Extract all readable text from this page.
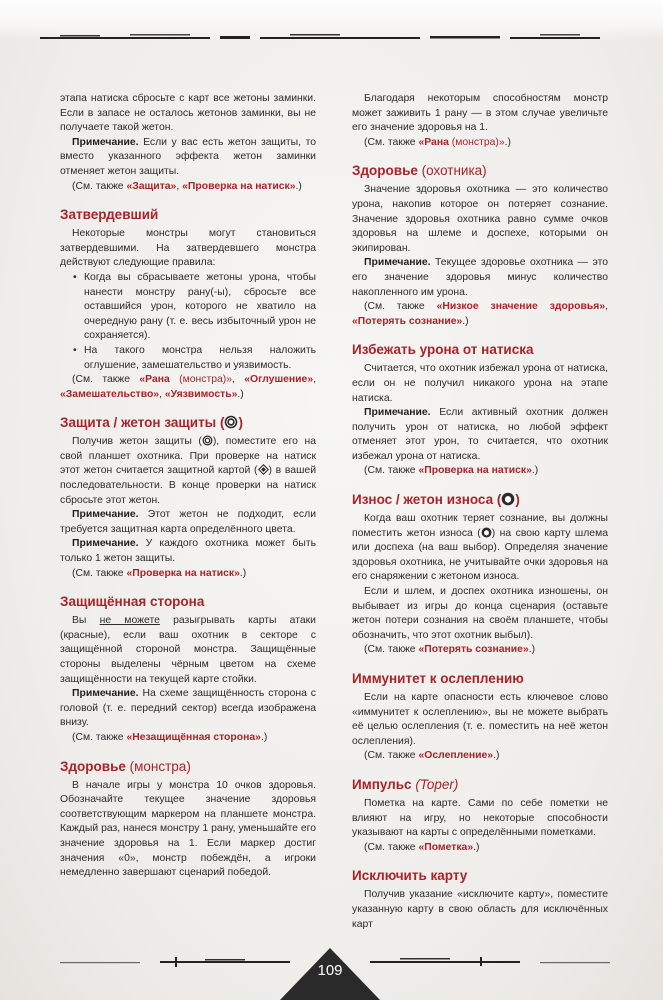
этапа натиска сбросьте с карт все жетоны заминки. Если в запасе не осталось жетонов заминки, вы не получаете такой жетон.

Примечание. Если у вас есть жетон защиты, то вместо указанного эффекта жетон заминки отменяет жетон защиты.

(См. также «Защита», «Проверка на натиск».)

Затвердевший

Некоторые монстры могут становиться затвердевшими. На затвердевшего монстра действуют следующие правила:

• Когда вы сбрасываете жетоны урона, чтобы нанести монстру рану(-ы), сбросьте все оставшийся урон, которого не хватило на очередную рану (т. е. весь избыточный урон не сохраняется).
• На такого монстра нельзя наложить оглушение, замешательство и уязвимость.

(См. также «Рана (монстра)», «Оглушение», «Замешательство», «Уязвимость».)

Защита / жетон защиты ( )

Получив жетон защиты ( ), поместите его на свой планшет охотника. При проверке на натиск этот жетон считается защитной картой ( ) в вашей последовательности. В конце проверки на натиск сбросьте этот жетон.

Примечание. Этот жетон не подходит, если требуется защитная карта определённого цвета.

Примечание. У каждого охотника может быть только 1 жетон защиты.

(См. также «Проверка на натиск».)

Защищённая сторона

Вы не можете разыгрывать карты атаки (красные), если ваш охотник в секторе с защищённой стороной монстра. Защищённые стороны выделены чёрным цветом на схеме защищённости на текущей карте стойки.

Примечание. На схеме защищённость сторона с головой (т. е. передний сектор) всегда изображена внизу.

(См. также «Незащищённая сторона».)

Здоровье (монстра)

В начале игры у монстра 10 очков здоровья. Обозначайте текущее значение здоровья соответствующим маркером на планшете монстра. Каждый раз, нанеся монстру 1 рану, уменьшайте его значение здоровья на 1. Если маркер достиг значения «0», монстр побеждён, а игроки немедленно завершают сценарий победой.

Благодаря некоторым способностям монстр может заживить 1 рану — в этом случае увеличьте его значение здоровья на 1.

(См. также «Рана (монстра)».)

Здоровье (охотника)

Значение здоровья охотника — это количество урона, накопив которое он потеряет сознание. Значение здоровья охотника равно сумме очков здоровья на шлеме и доспехе, которыми он экипирован.

Примечание. Текущее здоровье охотника — это его значение здоровья минус количество накопленного им урона.

(См. также «Низкое значение здоровья», «Потерять сознание».)

Избежать урона от натиска

Считается, что охотник избежал урона от натиска, если он не получил никакого урона на этапе натиска.

Примечание. Если активный охотник должен получить урон от натиска, но любой эффект отменяет этот урон, то считается, что охотник избежал урона от натиска.

(См. также «Проверка на натиск».)

Износ / жетон износа ( )

Когда ваш охотник теряет сознание, вы должны поместить жетон износа ( ) на свою карту шлема или доспеха (на ваш выбор). Определяя значение здоровья охотника, не учитывайте очки здоровья на его снаряжении с жетоном износа.

Если и шлем, и доспех охотника изношены, он выбывает из игры до конца сценария (оставьте жетон потери сознания на своём планшете, чтобы обозначить, что этот охотник выбыл).

(См. также «Потерять сознание».)

Иммунитет к ослеплению

Если на карте опасности есть ключевое слово «иммунитет к ослеплению», вы не можете выбрать её целью ослепления (т. е. поместить на неё жетон ослепления).

(См. также «Ослепление».)

Импульс (Toper)

Пометка на карте. Сами по себе пометки не влияют на игру, но некоторые способности указывают на карты с определёнными пометками.

(См. также «Пометка».)

Исключить карту

Получив указание «исключите карту», поместите указанную карту в свою область для исключённых карт

109
